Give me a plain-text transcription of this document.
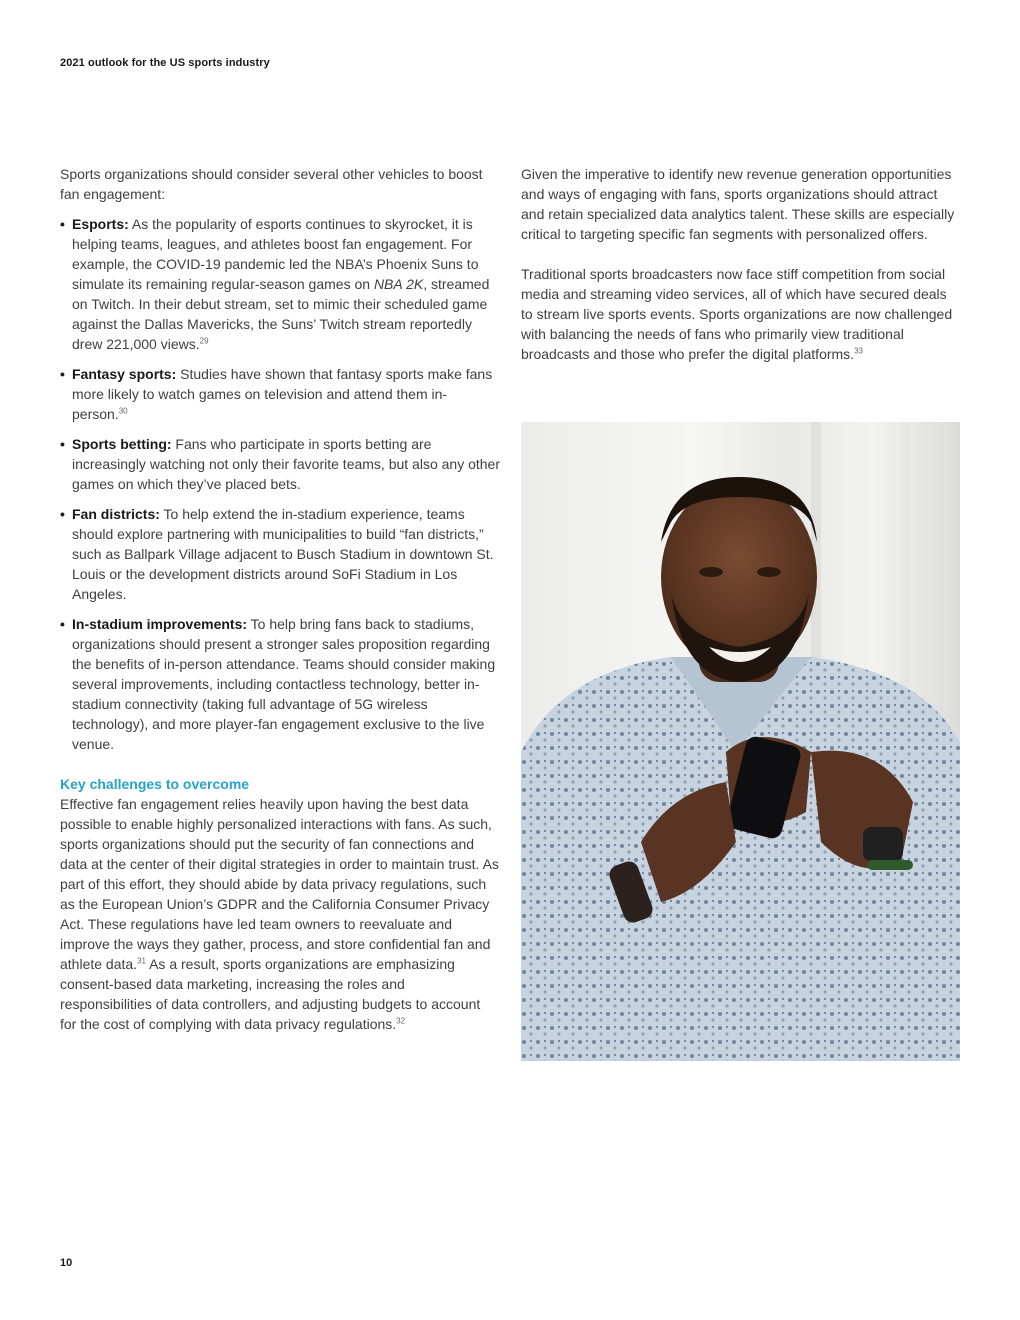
2021 outlook for the US sports industry

Sports organizations should consider several other vehicles to boost fan engagement:

• Esports: As the popularity of esports continues to skyrocket, it is helping teams, leagues, and athletes boost fan engagement. For example, the COVID-19 pandemic led the NBA’s Phoenix Suns to simulate its remaining regular-season games on NBA 2K, streamed on Twitch. In their debut stream, set to mimic their scheduled game against the Dallas Mavericks, the Suns’ Twitch stream reportedly drew 221,000 views.$^{29}$
• Fantasy sports: Studies have shown that fantasy sports make fans more likely to watch games on television and attend them in-person.$^{30}$
• Sports betting: Fans who participate in sports betting are increasingly watching not only their favorite teams, but also any other games on which they’ve placed bets.
• Fan districts: To help extend the in-stadium experience, teams should explore partnering with municipalities to build “fan districts,” such as Ballpark Village adjacent to Busch Stadium in downtown St. Louis or the development districts around SoFi Stadium in Los Angeles.
• In-stadium improvements: To help bring fans back to stadiums, organizations should present a stronger sales proposition regarding the benefits of in-person attendance. Teams should consider making several improvements, including contactless technology, better in-stadium connectivity (taking full advantage of 5G wireless technology), and more player-fan engagement exclusive to the live venue.
Key challenges to overcome

Effective fan engagement relies heavily upon having the best data possible to enable highly personalized interactions with fans. As such, sports organizations should put the security of fan connections and data at the center of their digital strategies in order to maintain trust. As part of this effort, they should abide by data privacy regulations, such as the European Union’s GDPR and the California Consumer Privacy Act. These regulations have led team owners to reevaluate and improve the ways they gather, process, and store confidential fan and athlete data.$^{31}$ As a result, sports organizations are emphasizing consent-based data marketing, increasing the roles and responsibilities of data controllers, and adjusting budgets to account for the cost of complying with data privacy regulations.$^{32}$

Given the imperative to identify new revenue generation opportunities and ways of engaging with fans, sports organizations should attract and retain specialized data analytics talent. These skills are especially critical to targeting specific fan segments with personalized offers.

Traditional sports broadcasters now face stiff competition from social media and streaming video services, all of which have secured deals to stream live sports events. Sports organizations are now challenged with balancing the needs of fans who primarily view traditional broadcasts and those who prefer the digital platforms.$^{33}$

10
